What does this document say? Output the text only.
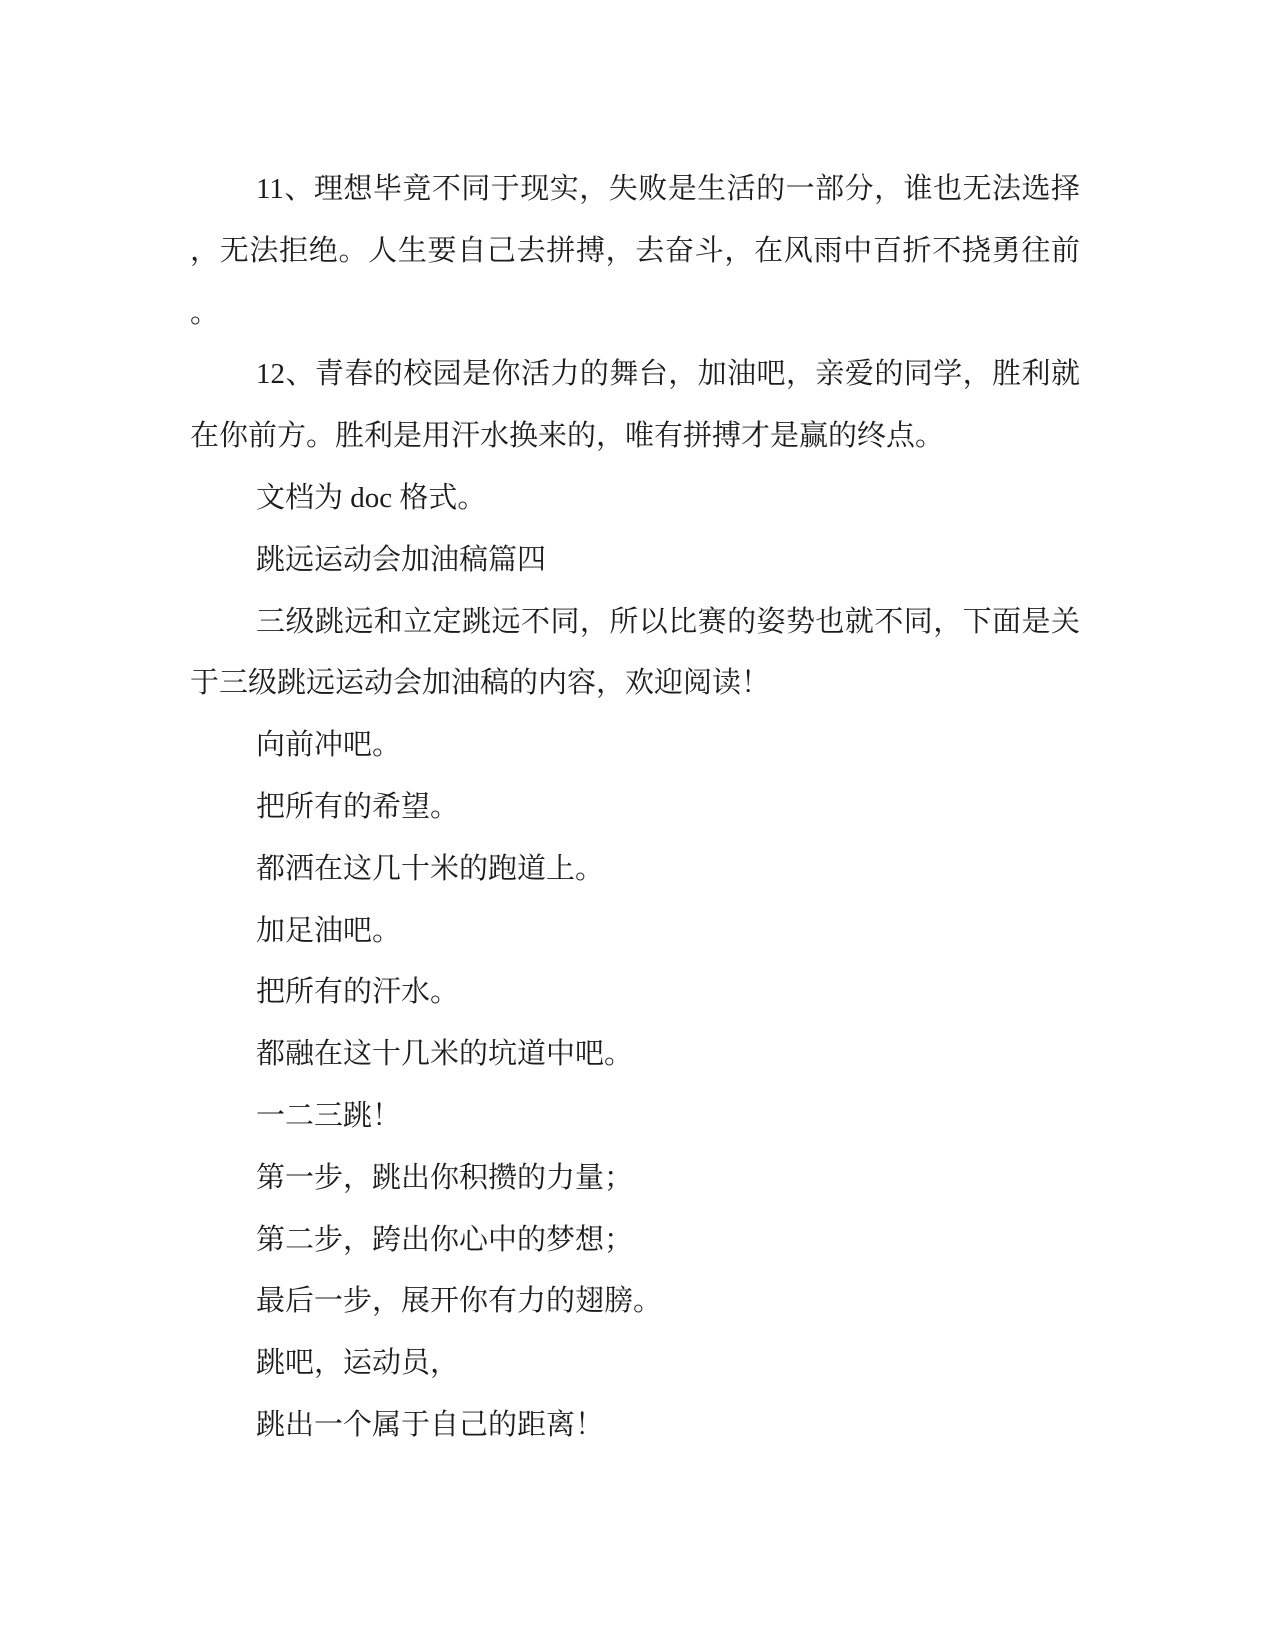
11、理想毕竟不同于现实，失败是生活的一部分，谁也无法选择
，无法拒绝。人生要自己去拼搏，去奋斗，在风雨中百折不挠勇往前
。
12、青春的校园是你活力的舞台，加油吧，亲爱的同学，胜利就
在你前方。胜利是用汗水换来的，唯有拼搏才是赢的终点。
文档为 doc 格式。
跳远运动会加油稿篇四
三级跳远和立定跳远不同，所以比赛的姿势也就不同，下面是关
于三级跳远运动会加油稿的内容，欢迎阅读！
向前冲吧。
把所有的希望。
都洒在这几十米的跑道上。
加足油吧。
把所有的汗水。
都融在这十几米的坑道中吧。
一二三跳！
第一步，跳出你积攒的力量；
第二步，跨出你心中的梦想；
最后一步，展开你有力的翅膀。
跳吧，运动员，
跳出一个属于自己的距离！
